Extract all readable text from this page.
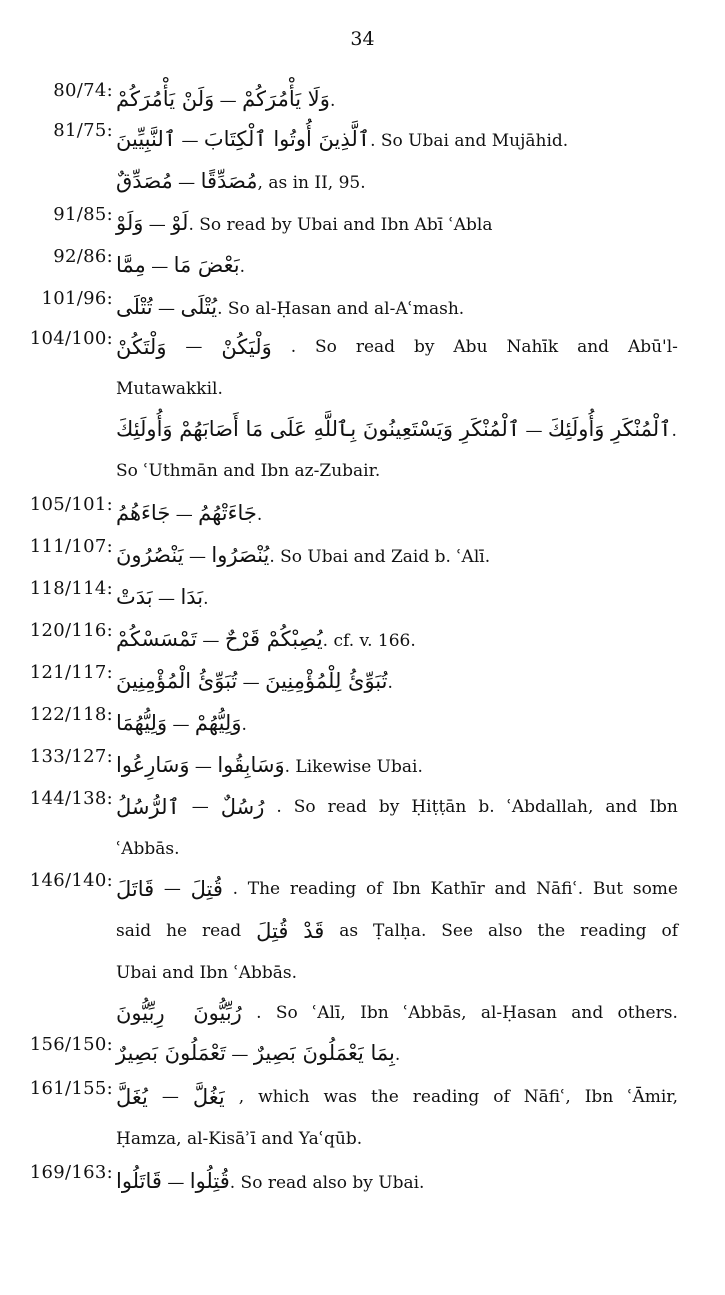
34
80/74: وَلَنْ يَأْمُرَكُمْ — وَلَا يَأْمُرَكُمْ.
81/75: ٱلنَّبِيِّينَ — ٱلَّذِينَ أُوتُوا ٱلْكِتَابَ. So Ubai and Mujāhid.
مُصَدِّقٌ — مُصَدِّقًا, as in II, 95.
91/85: وَلَوْ — لَوْ. So read by Ubai and Ibn Abī ʿAbla
92/86: مِمَّا — بَعْضَ مَا.
101/96: تُتْلَى — يُتْلَى. So al-Ḥasan and al-Aʿmash.
104/100: وَلْتَكُنْ — وَلْيَكُنْ . So read by Abu Nahīk and Abū'l-
Mutawakkil.
ٱلْمُنْكَرِ وَيَسْتَعِينُونَ بِٱللَّهِ عَلَى مَا أَصَابَهُمْ وَأُولَئِكَ — ٱلْمُنْكَرِ وَأُولَئِكَ.
So ʿUthmān and Ibn az-Zubair.
105/101: جَاءَهُمُ — جَاءَتْهُمُ.
111/107: يَنْصُرُونَ — يُنْصَرُوا. So Ubai and Zaid b. ʿAlī.
118/114: بَدَتْ — بَدَا.
120/116: تَمْسَسْكُمْ — يُصِبْكُمْ قَرْحٌ. cf. v. 166.
121/117: تُبَوِّئُ الْمُؤْمِنِينَ — تُبَوِّئُ لِلْمُؤْمِنِينَ.
122/118: وَلِيُّهُمَا — وَلِيُّهُمْ.
133/127: وَسَارِعُوا — وَسَابِقُوا. Likewise Ubai.
144/138: ٱلرُّسُلُ — رُسُلٌ . So read by Ḥiṭṭān b. ʿAbdallah, and Ibn
ʿAbbās.
146/140: قَاتَلَ — قُتِلَ . The reading of Ibn Kathīr and Nāfiʿ. But some
said he read قُتِلَ قَدْ as Ṭalḥa. See also the reading of
Ubai and Ibn ʿAbbās.
رِبِّيُّونَ رُبِّيُّونَ . So ʿAlī, Ibn ʿAbbās, al-Ḥasan and others.
156/150: تَعْمَلُونَ بَصِيرٌ — بِمَا يَعْمَلُونَ بَصِيرٌ.
161/155: يُغَلَّ — يَغُلَّ , which was the reading of Nāfiʿ, Ibn ʿĀmir,
Ḥamza, al-Kisāʾī and Yaʿqūb.
169/163: قَاتَلُوا — قُتِلُوا. So read also by Ubai.
